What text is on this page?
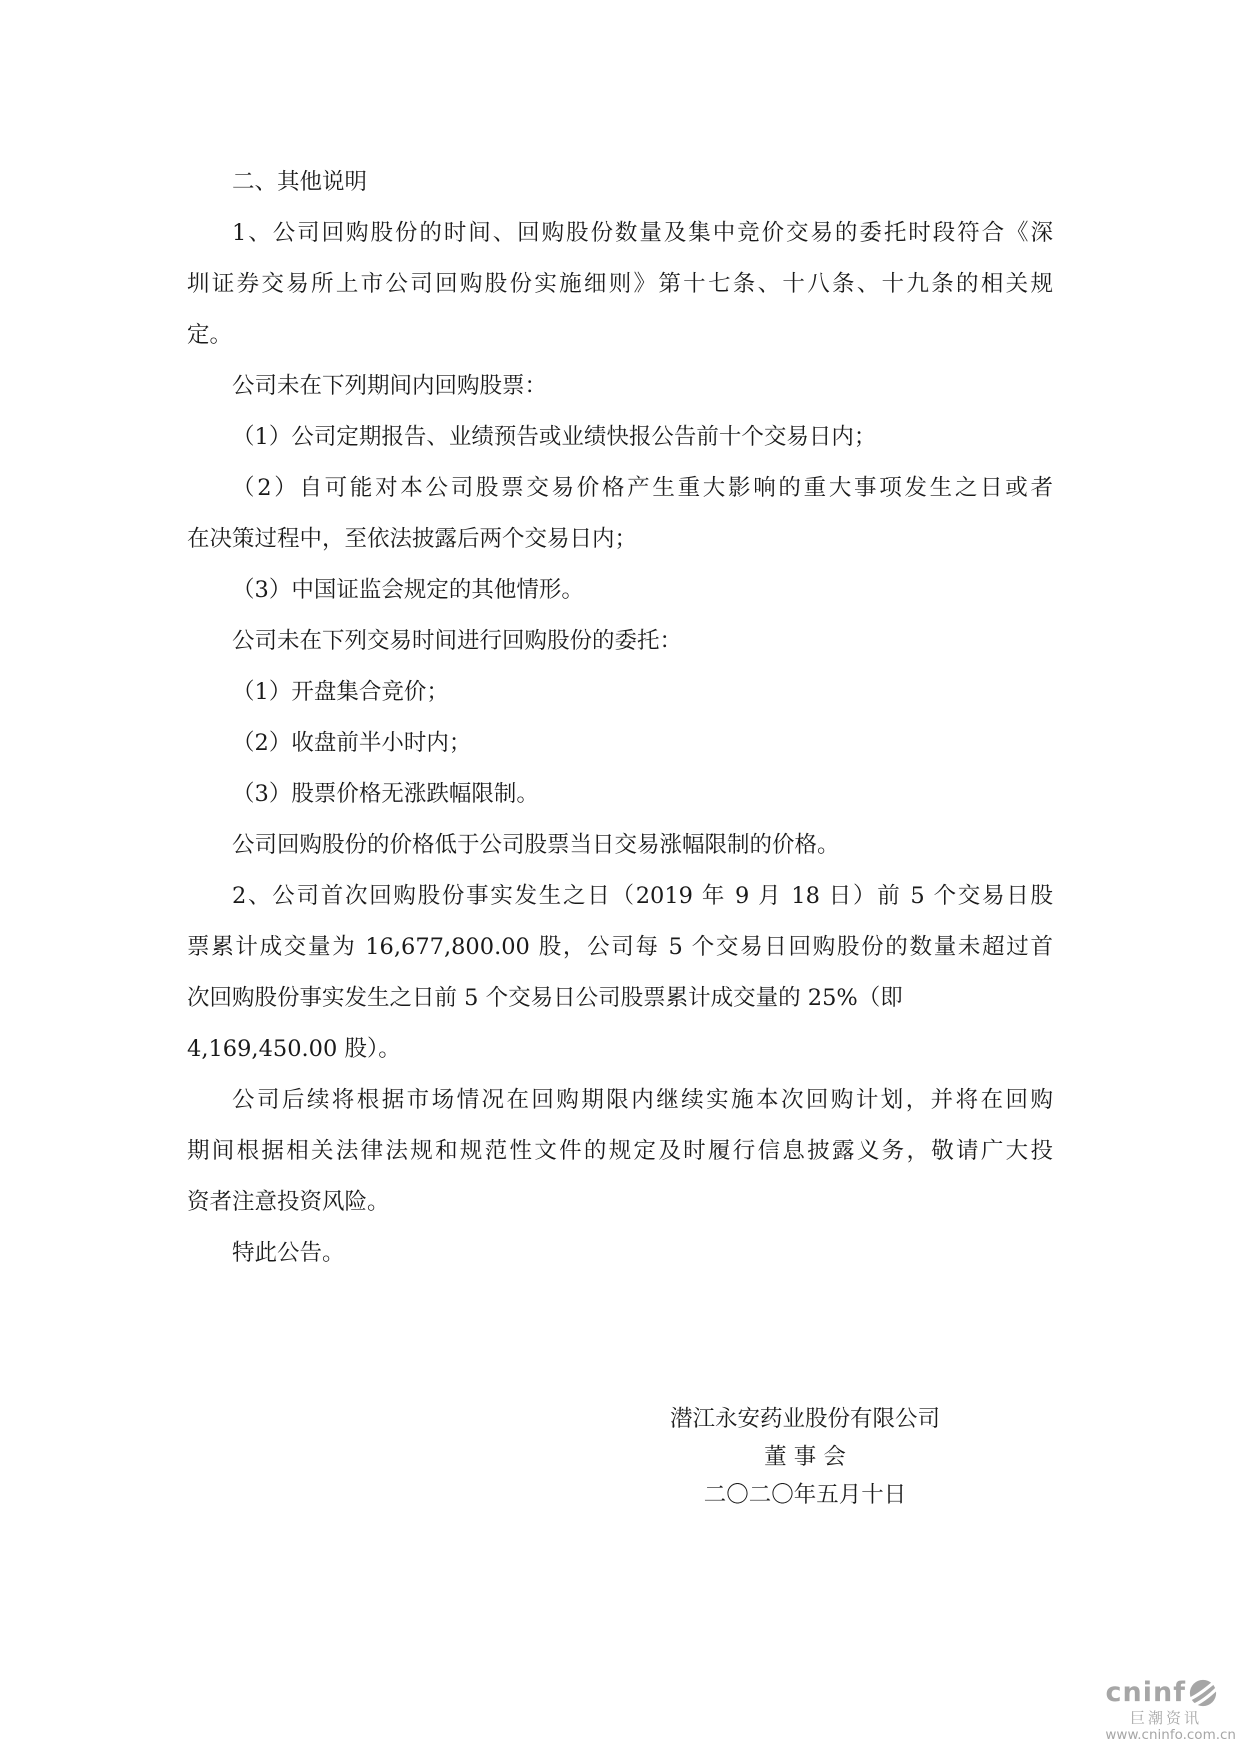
二、其他说明
1、公司回购股份的时间、回购股份数量及集中竞价交易的委托时段符合《深
圳证券交易所上市公司回购股份实施细则》第十七条、十八条、十九条的相关规
定。
公司未在下列期间内回购股票：
（1）公司定期报告、业绩预告或业绩快报公告前十个交易日内；
（2）自可能对本公司股票交易价格产生重大影响的重大事项发生之日或者
在决策过程中，至依法披露后两个交易日内；
（3）中国证监会规定的其他情形。
公司未在下列交易时间进行回购股份的委托：
（1）开盘集合竞价；
（2）收盘前半小时内；
（3）股票价格无涨跌幅限制。
公司回购股份的价格低于公司股票当日交易涨幅限制的价格。
2、公司首次回购股份事实发生之日（2019 年 9 月 18 日）前 5 个交易日股
票累计成交量为 16,677,800.00 股，公司每 5 个交易日回购股份的数量未超过首
次回购股份事实发生之日前 5 个交易日公司股票累计成交量的 25%（即
4,169,450.00 股）。
公司后续将根据市场情况在回购期限内继续实施本次回购计划，并将在回购
期间根据相关法律法规和规范性文件的规定及时履行信息披露义务，敬请广大投
资者注意投资风险。
特此公告。
潜江永安药业股份有限公司
董 事 会
二〇二〇年五月十日
cninf
巨潮资讯
www.cninfo.com.cn
